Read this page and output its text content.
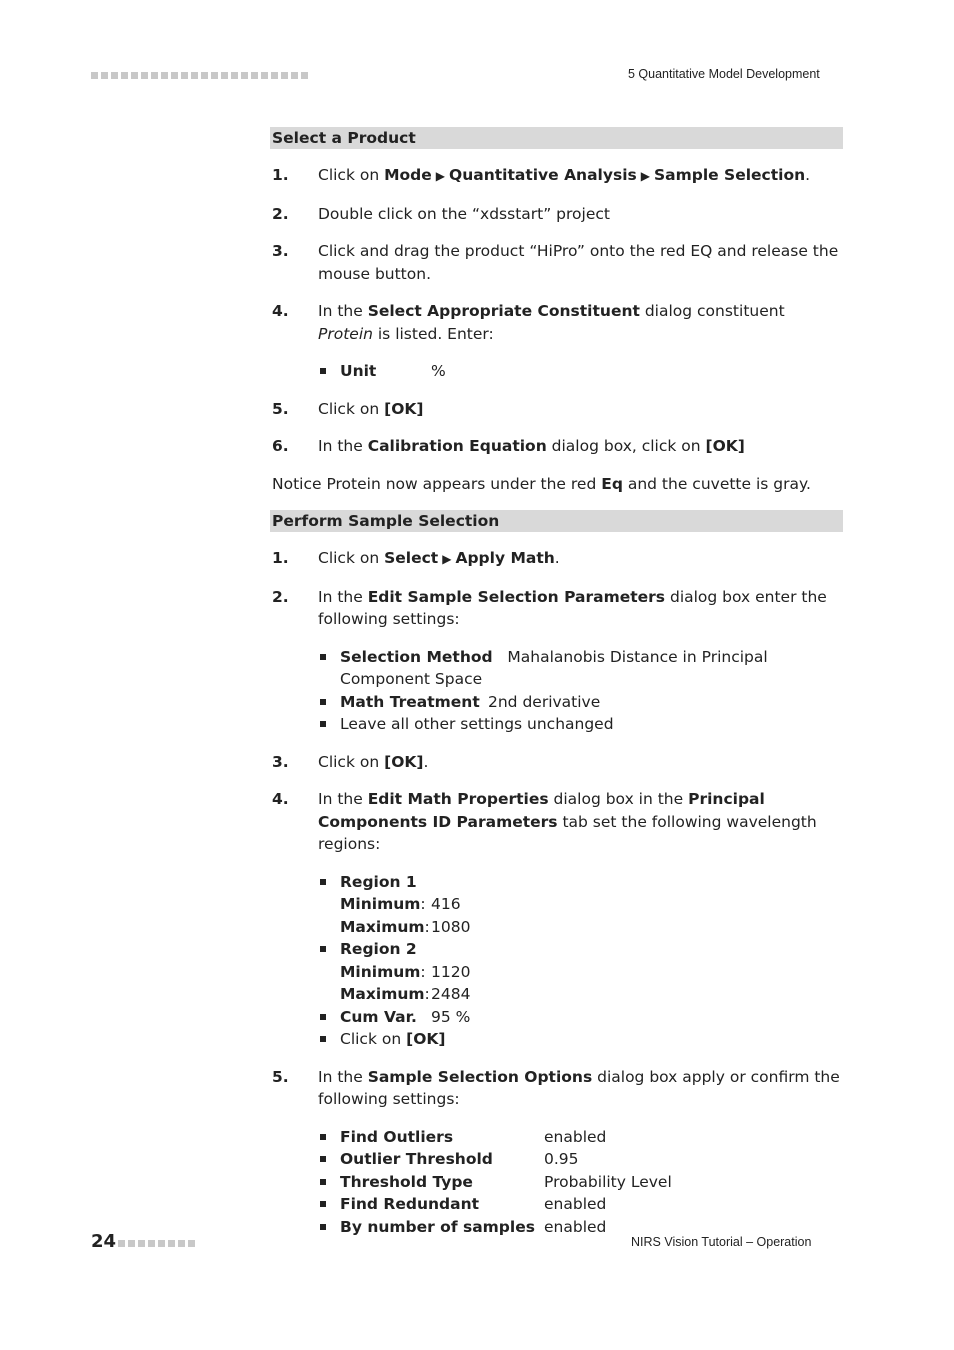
5 Quantitative Model Development
Select a Product
1.	Click on Mode ▶ Quantitative Analysis ▶ Sample Selection.
2.	Double click on the “xdsstart” project
3.	Click and drag the product “HiPro” onto the red EQ and release the mouse button.
4.	In the Select Appropriate Constituent dialog constituent Protein is listed. Enter:
Unit	%
5.	Click on [OK]
6.	In the Calibration Equation dialog box, click on [OK]
Notice Protein now appears under the red Eq and the cuvette is gray.
Perform Sample Selection
1.	Click on Select ▶ Apply Math.
2.	In the Edit Sample Selection Parameters dialog box enter the following settings:
Selection Method Mahalanobis Distance in Principal Component Space
Math Treatment 2nd derivative
Leave all other settings unchanged
3.	Click on [OK].
4.	In the Edit Math Properties dialog box in the Principal Components ID Parameters tab set the following wavelength regions:
Region 1
Minimum: 416
Maximum:1080
Region 2
Minimum: 1120
Maximum:2484
Cum Var. 95 %
Click on [OK]
5.	In the Sample Selection Options dialog box apply or confirm the following settings:
Find Outliers	enabled
Outlier Threshold	0.95
Threshold Type	Probability Level
Find Redundant	enabled
By number of samples enabled
24	NIRS Vision Tutorial – Operation
